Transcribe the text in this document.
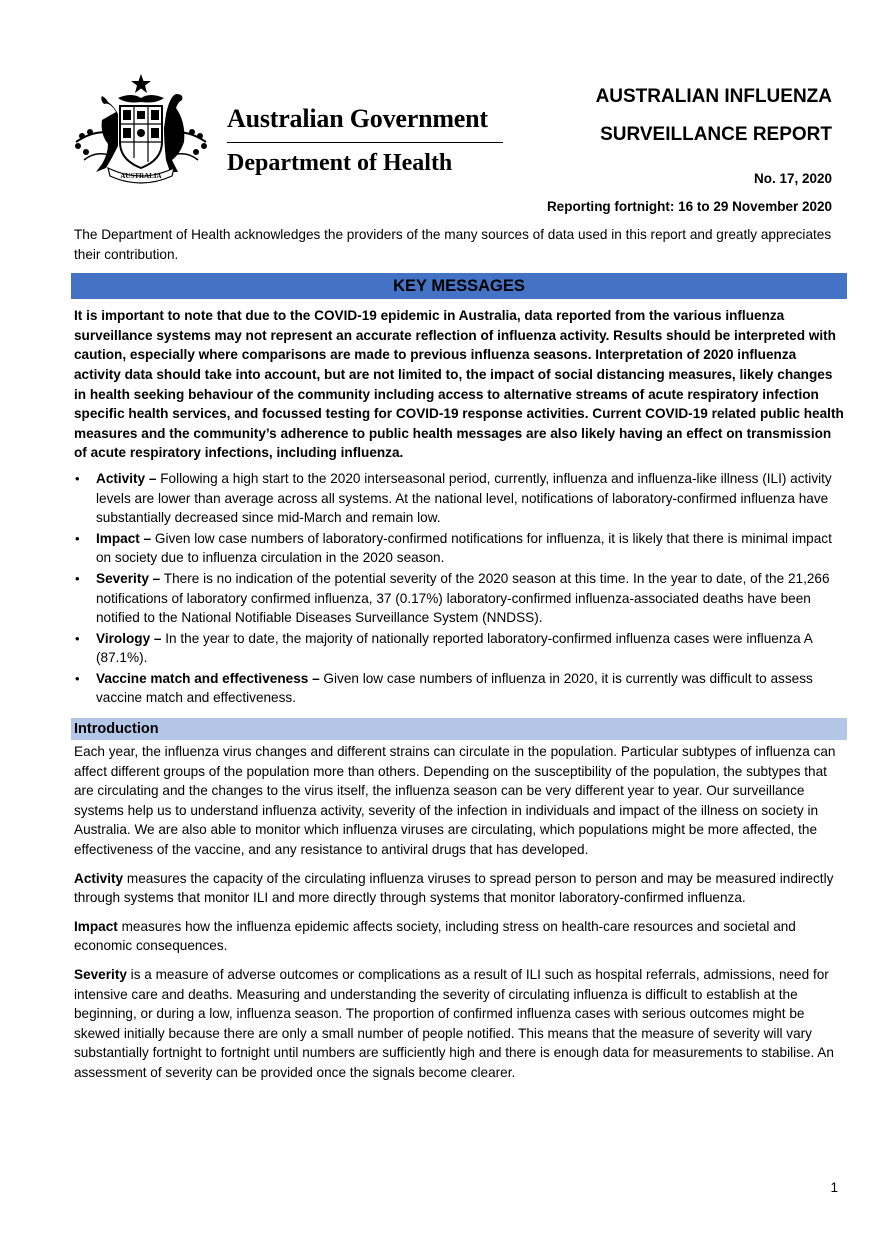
AUSTRALIA
Australian Government
Department of Health
AUSTRALIAN INFLUENZA
SURVEILLANCE REPORT
No. 17, 2020
Reporting fortnight: 16 to 29 November 2020

The Department of Health acknowledges the providers of the many sources of data used in this report and greatly appreciates their contribution.

KEY MESSAGES

It is important to note that due to the COVID-19 epidemic in Australia, data reported from the various influenza surveillance systems may not represent an accurate reflection of influenza activity. Results should be interpreted with caution, especially where comparisons are made to previous influenza seasons. Interpretation of 2020 influenza activity data should take into account, but are not limited to, the impact of social distancing measures, likely changes in health seeking behaviour of the community including access to alternative streams of acute respiratory infection specific health services, and focussed testing for COVID-19 response activities. Current COVID-19 related public health measures and the community’s adherence to public health messages are also likely having an effect on transmission of acute respiratory infections, including influenza.

• Activity – Following a high start to the 2020 interseasonal period, currently, influenza and influenza-like illness (ILI) activity levels are lower than average across all systems. At the national level, notifications of laboratory-confirmed influenza have substantially decreased since mid-March and remain low.
• Impact – Given low case numbers of laboratory-confirmed notifications for influenza, it is likely that there is minimal impact on society due to influenza circulation in the 2020 season.
• Severity – There is no indication of the potential severity of the 2020 season at this time. In the year to date, of the 21,266 notifications of laboratory confirmed influenza, 37 (0.17%) laboratory-confirmed influenza-associated deaths have been notified to the National Notifiable Diseases Surveillance System (NNDSS).
• Virology – In the year to date, the majority of nationally reported laboratory-confirmed influenza cases were influenza A (87.1%).
• Vaccine match and effectiveness – Given low case numbers of influenza in 2020, it is currently was difficult to assess vaccine match and effectiveness.
Introduction

Each year, the influenza virus changes and different strains can circulate in the population. Particular subtypes of influenza can affect different groups of the population more than others. Depending on the susceptibility of the population, the subtypes that are circulating and the changes to the virus itself, the influenza season can be very different year to year. Our surveillance systems help us to understand influenza activity, severity of the infection in individuals and impact of the illness on society in Australia. We are also able to monitor which influenza viruses are circulating, which populations might be more affected, the effectiveness of the vaccine, and any resistance to antiviral drugs that has developed.

Activity measures the capacity of the circulating influenza viruses to spread person to person and may be measured indirectly through systems that monitor ILI and more directly through systems that monitor laboratory-confirmed influenza.

Impact measures how the influenza epidemic affects society, including stress on health-care resources and societal and economic consequences.

Severity is a measure of adverse outcomes or complications as a result of ILI such as hospital referrals, admissions, need for intensive care and deaths. Measuring and understanding the severity of circulating influenza is difficult to establish at the beginning, or during a low, influenza season. The proportion of confirmed influenza cases with serious outcomes might be skewed initially because there are only a small number of people notified. This means that the measure of severity will vary substantially fortnight to fortnight until numbers are sufficiently high and there is enough data for measurements to stabilise. An assessment of severity can be provided once the signals become clearer.

1
